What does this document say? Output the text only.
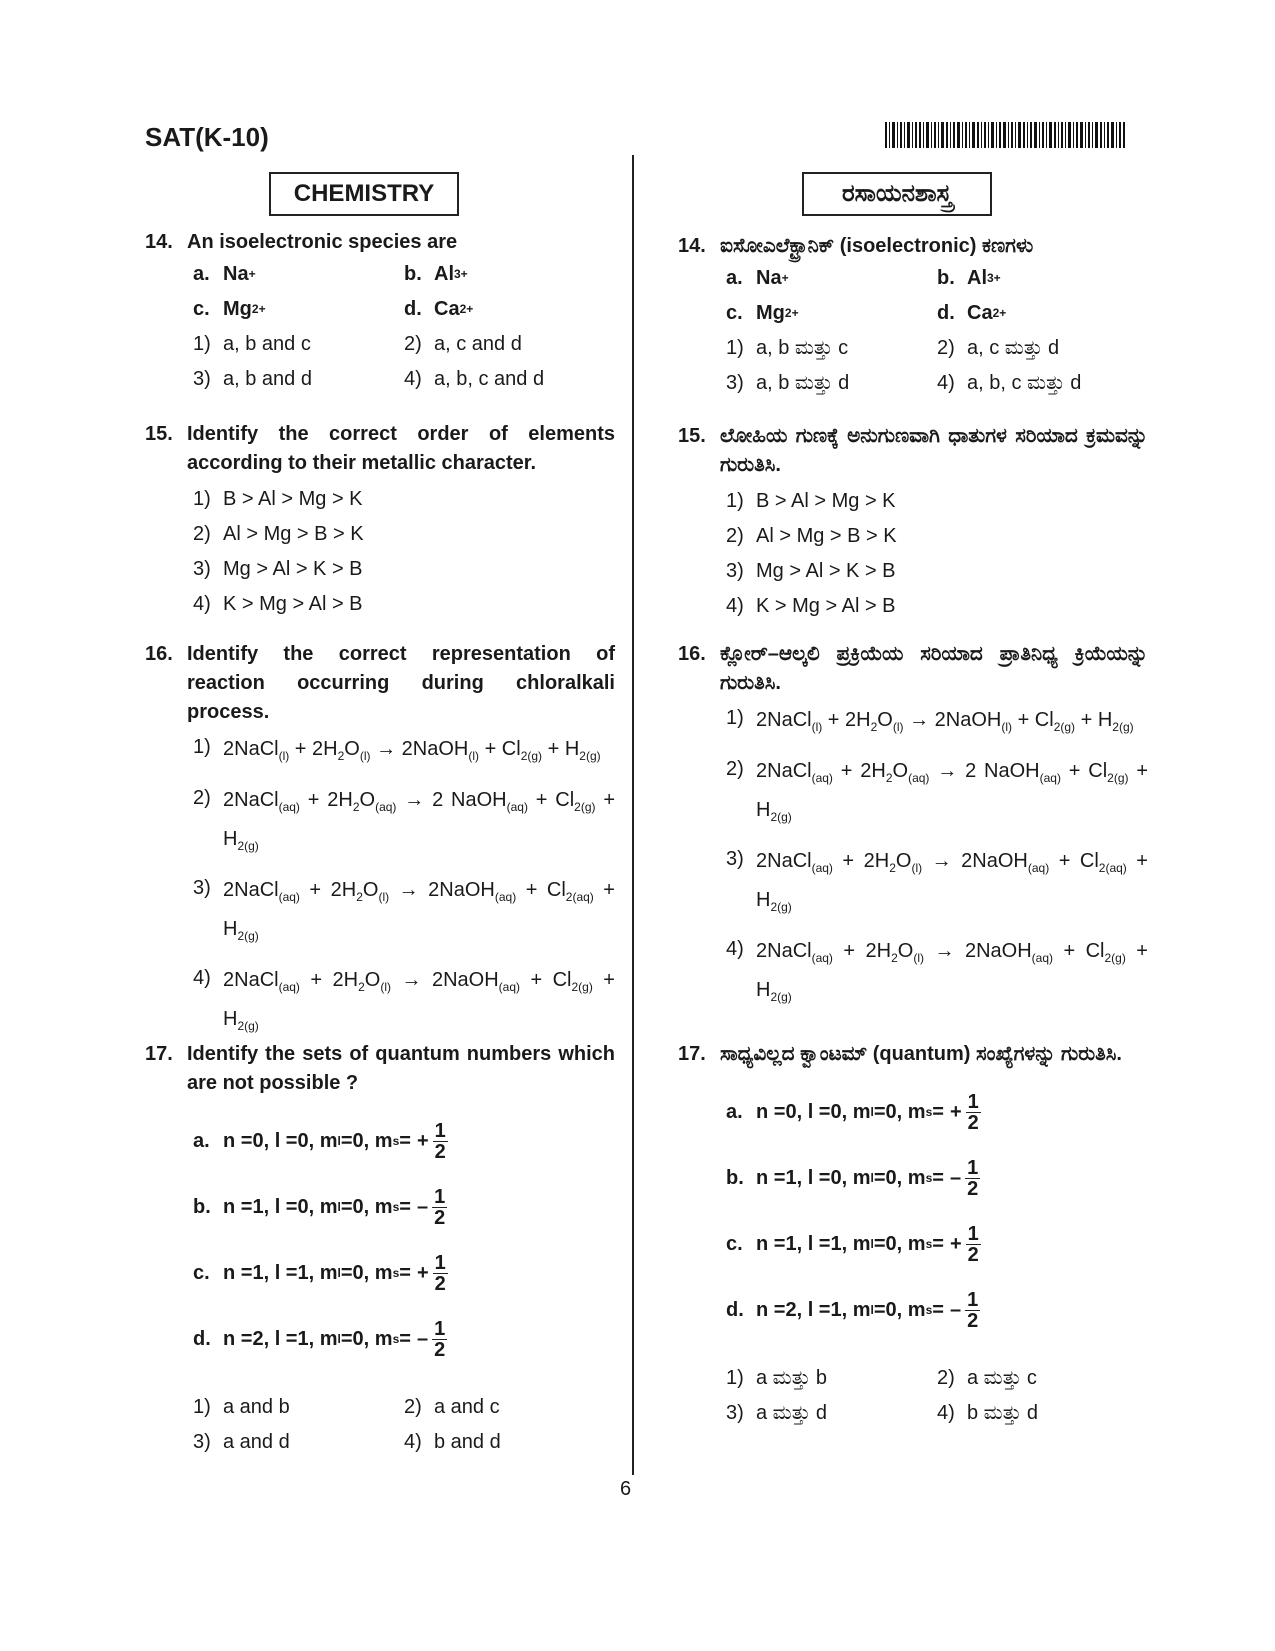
SAT(K-10)
CHEMISTRY
14. An isoelectronic species are
a. Na +	b. Al 3+
c. Mg 2+	d. Ca 2+
1) a, b and c	2) a, c and d
3) a, b and d	4) a, b, c and d
15. Identify the correct order of elements according to their metallic character.
1) B > Al > Mg > K
2) Al > Mg > B > K
3) Mg > Al > K > B
4) K > Mg > Al > B
16. Identify the correct representation of reaction occurring during chloralkali process.
1) 2NaCl$_{(l)}$ + $2H_2O_{(l)}$ → 2NaOH$_{(l)}$ + $Cl_{2(g)} + H_{2(g)}$
2) 2NaCl$_{(aq)}$ + $2H_2O_{(aq)} \to 2$ NaOH$_{(aq)}$ + $Cl_{2(g)} + H_{2(g)}$
3) 2NaCl$_{(aq)}$ + $2H_2O_{(l)}$ → 2NaOH$_{(aq)}$ + $Cl_{2(aq)} + H_{2(g)}$
4) 2NaCl$_{(aq)}$ + $2H_2O_{(l)}$ → 2NaOH$_{(aq)}$ + $Cl_{2(g)} + H_{2(g)}$
17. Identify the sets of quantum numbers which are not possible ?
a. n = 0 , l = 0 , m l = 0 , m s = + $\frac{1}{2}$
b. n = 1 , l = 0 , m l = 0 , m s = – $\frac{1}{2}$
c. n = 1 , l = 1 , m l = 0 , m s = + $\frac{1}{2}$
d. n = 2 , l = 1 , m l = 0 , m s = – $\frac{1}{2}$
1) a and b	2) a and c
3) a and d	4) b and d
ರಸಾಯನಶಾಸ್ತ್ರ
14. ಐಸೋಎಲೆಕ್ಟ್ರಾನಿಕ್ (isoelectronic) ಕಣಗಳು
a. Na +	b. Al 3+
c. Mg 2+	d. Ca 2+
1) a, b ಮತ್ತು c	2) a, c ಮತ್ತು d
3) a, b ಮತ್ತು d	4) a, b, c ಮತ್ತು d
15. ಲೋಹಿಯ ಗುಣಕ್ಕೆ ಅನುಗುಣವಾಗಿ ಧಾತುಗಳ ಸರಿಯಾದ ಕ್ರಮವನ್ನು ಗುರುತಿಸಿ.
1) B > Al > Mg > K
2) Al > Mg > B > K
3) Mg > Al > K > B
4) K > Mg > Al > B
16. ಕ್ಲೋರ್–ಆಲ್ಕಲಿ ಪ್ರಕ್ರಿಯೆಯ ಸರಿಯಾದ ಪ್ರಾತಿನಿಧ್ಯ ಕ್ರಿಯೆಯನ್ನು ಗುರುತಿಸಿ.
1) 2NaCl$_{(l)}$ + $2H_2O_{(l)}$ → 2NaOH$_{(l)}$ + $Cl_{2(g)} + H_{2(g)}$
2) 2NaCl$_{(aq)}$ + $2H_2O_{(aq)} \to 2$ NaOH$_{(aq)}$ + $Cl_{2(g)} + H_{2(g)}$
3) 2NaCl$_{(aq)}$ + $2H_2O_{(l)}$ → 2NaOH$_{(aq)}$ + $Cl_{2(aq)} + H_{2(g)}$
4) 2NaCl$_{(aq)}$ + $2H_2O_{(l)}$ → 2NaOH$_{(aq)}$ + $Cl_{2(g)} + H_{2(g)}$
17. ಸಾಧ್ಯವಿಲ್ಲದ ಕ್ವಾಂಟಮ್ (quantum) ಸಂಖ್ಯೆಗಳನ್ನು ಗುರುತಿಸಿ.
a. n = 0 , l = 0 , m l = 0 , m s = + $\frac{1}{2}$
b. n = 1 , l = 0 , m l = 0 , m s = – $\frac{1}{2}$
c. n = 1 , l = 1 , m l = 0 , m s = + $\frac{1}{2}$
d. n = 2 , l = 1 , m l = 0 , m s = – $\frac{1}{2}$
1) a ಮತ್ತು b	2) a ಮತ್ತು c
3) a ಮತ್ತು d	4) b ಮತ್ತು d
6
